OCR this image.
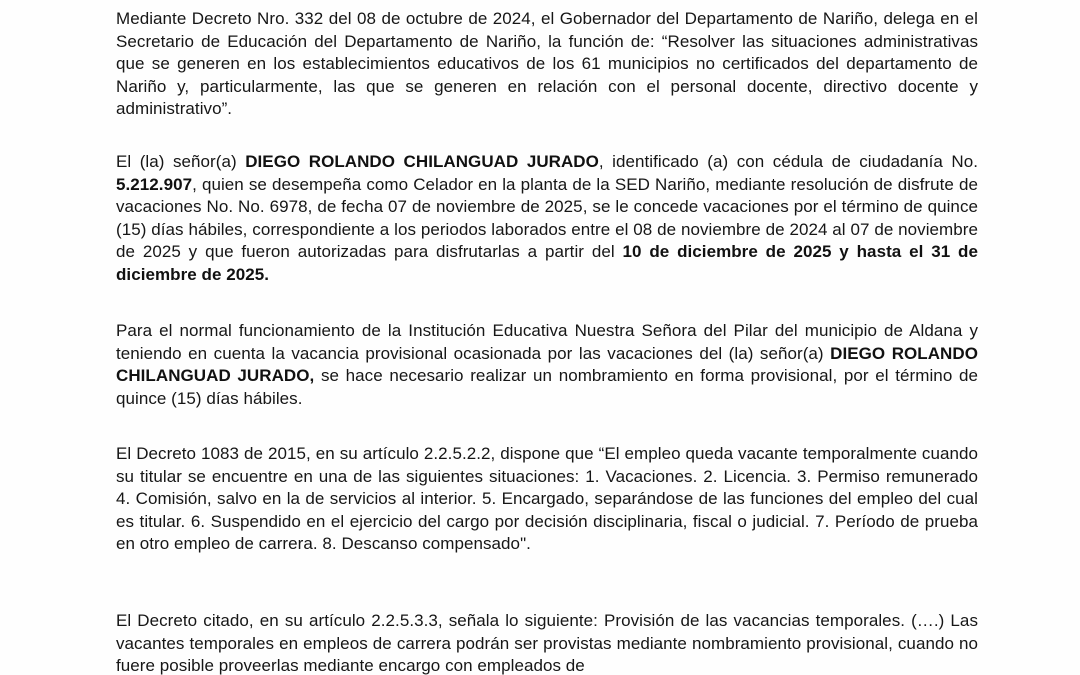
Mediante Decreto Nro. 332 del 08 de octubre de 2024, el Gobernador del Departamento de Nariño, delega en el Secretario de Educación del Departamento de Nariño, la función de: “Resolver las situaciones administrativas que se generen en los establecimientos educativos de los 61 municipios no certificados del departamento de Nariño y, particularmente, las que se generen en relación con el personal docente, directivo docente y administrativo”.

El (la) señor(a) DIEGO ROLANDO CHILANGUAD JURADO, identificado (a) con cédula de ciudadanía No. 5.212.907, quien se desempeña como Celador en la planta de la SED Nariño, mediante resolución de disfrute de vacaciones No. No. 6978, de fecha 07 de noviembre de 2025, se le concede vacaciones por el término de quince (15) días hábiles, correspondiente a los periodos laborados entre el 08 de noviembre de 2024 al 07 de noviembre de 2025 y que fueron autorizadas para disfrutarlas a partir del 10 de diciembre de 2025 y hasta el 31 de diciembre de 2025.

Para el normal funcionamiento de la Institución Educativa Nuestra Señora del Pilar del municipio de Aldana y teniendo en cuenta la vacancia provisional ocasionada por las vacaciones del (la) señor(a) DIEGO ROLANDO CHILANGUAD JURADO, se hace necesario realizar un nombramiento en forma provisional, por el término de quince (15) días hábiles.

El Decreto 1083 de 2015, en su artículo 2.2.5.2.2, dispone que “El empleo queda vacante temporalmente cuando su titular se encuentre en una de las siguientes situaciones: 1. Vacaciones. 2. Licencia. 3. Permiso remunerado 4. Comisión, salvo en la de servicios al interior. 5. Encargado, separándose de las funciones del empleo del cual es titular. 6. Suspendido en el ejercicio del cargo por decisión disciplinaria, fiscal o judicial. 7. Período de prueba en otro empleo de carrera. 8. Descanso compensado".

El Decreto citado, en su artículo 2.2.5.3.3, señala lo siguiente: Provisión de las vacancias temporales. (….) Las vacantes temporales en empleos de carrera podrán ser provistas mediante nombramiento provisional, cuando no fuere posible proveerlas mediante encargo con empleados de
